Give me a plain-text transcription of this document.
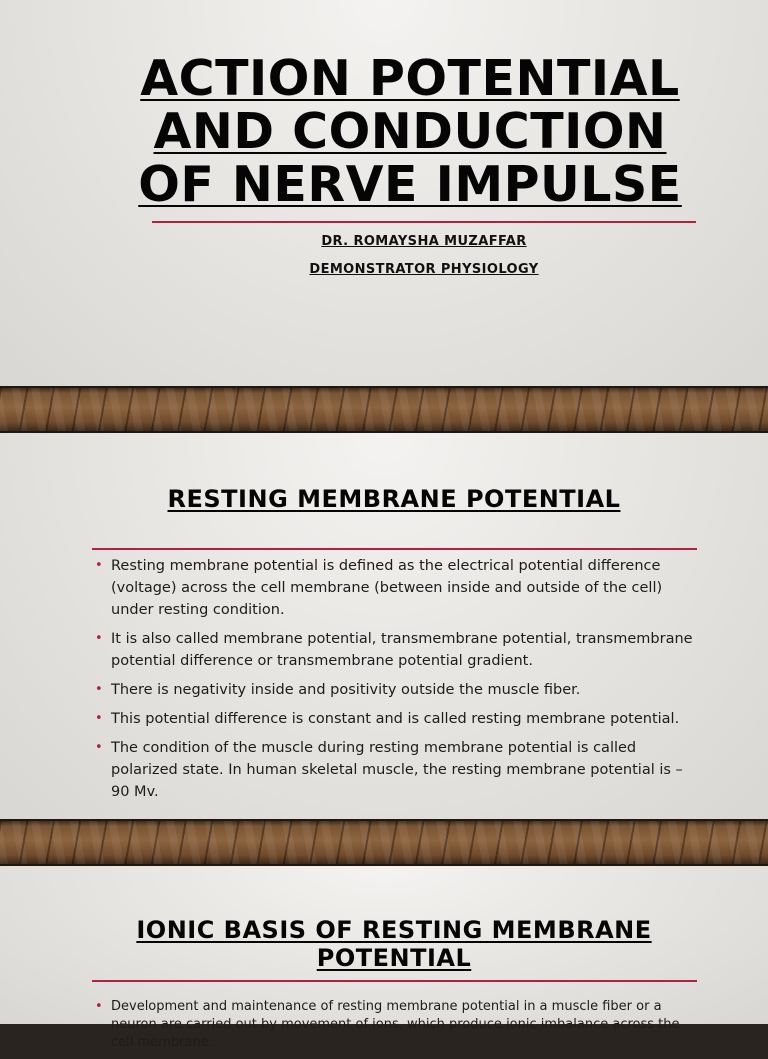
ACTION POTENTIAL AND CONDUCTION OF NERVE IMPULSE
DR. ROMAYSHA MUZAFFAR
DEMONSTRATOR PHYSIOLOGY
RESTING MEMBRANE POTENTIAL
• Resting membrane potential is defined as the electrical potential difference (voltage) across the cell membrane (between inside and outside of the cell) under resting condition.
• It is also called membrane potential, transmembrane potential, transmembrane potential difference or transmembrane potential gradient.
• There is negativity inside and positivity outside the muscle fiber.
• This potential difference is constant and is called resting membrane potential.
• The condition of the muscle during resting membrane potential is called polarized state. In human skeletal muscle, the resting membrane potential is –90 Mv.
IONIC BASIS OF RESTING MEMBRANE POTENTIAL
• Development and maintenance of resting membrane potential in a muscle fiber or a neuron are carried out by movement of ions, which produce ionic imbalance across the cell membrane.
